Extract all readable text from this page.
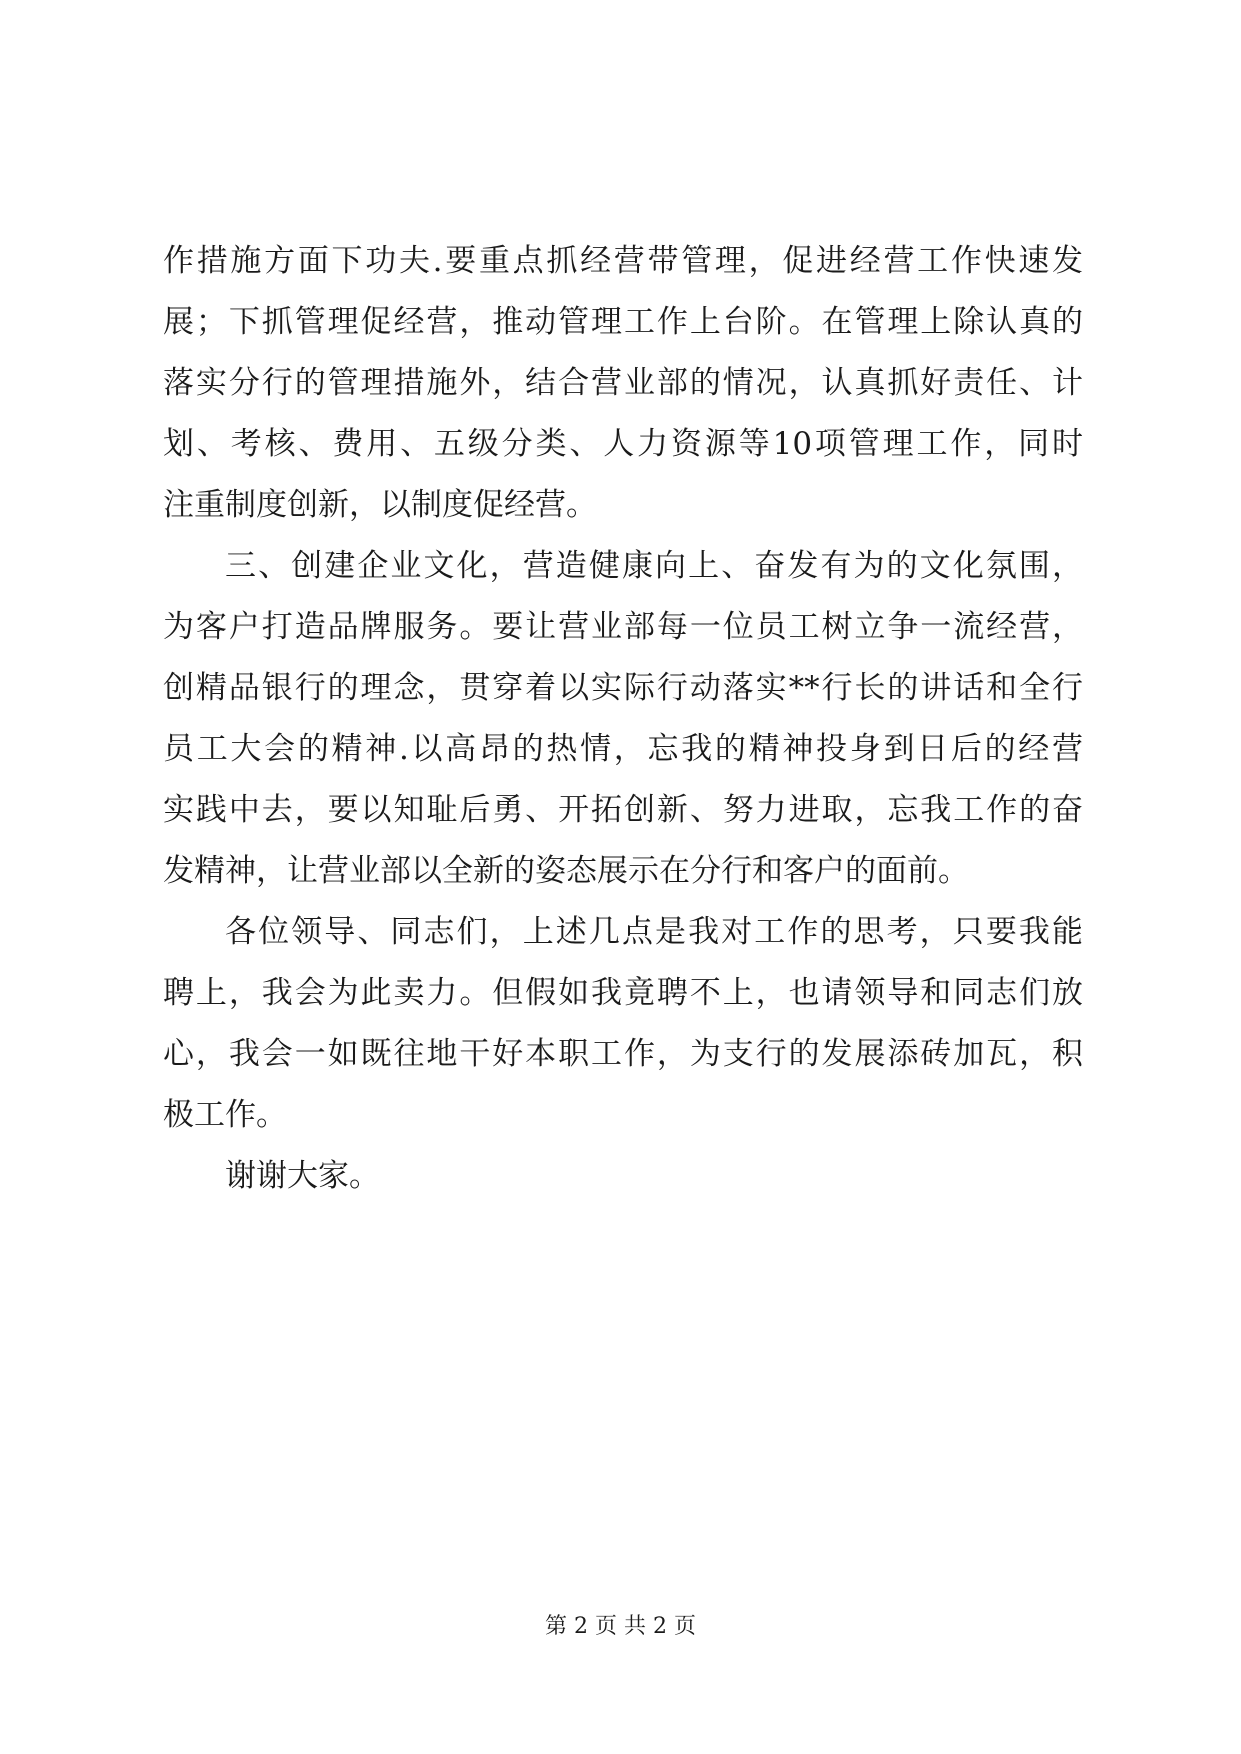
作措施方面下功夫.要重点抓经营带管理，促进经营工作快速发
展；下抓管理促经营，推动管理工作上台阶。在管理上除认真的
落实分行的管理措施外，结合营业部的情况，认真抓好责任、计
划、考核、费用、五级分类、人力资源等10项管理工作，同时
注重制度创新，以制度促经营。
三、创建企业文化，营造健康向上、奋发有为的文化氛围，
为客户打造品牌服务。要让营业部每一位员工树立争一流经营，
创精品银行的理念，贯穿着以实际行动落实**行长的讲话和全行
员工大会的精神.以高昂的热情，忘我的精神投身到日后的经营
实践中去，要以知耻后勇、开拓创新、努力进取，忘我工作的奋
发精神，让营业部以全新的姿态展示在分行和客户的面前。
各位领导、同志们，上述几点是我对工作的思考，只要我能
聘上，我会为此卖力。但假如我竟聘不上，也请领导和同志们放
心，我会一如既往地干好本职工作，为支行的发展添砖加瓦，积
极工作。
谢谢大家。
第 2 页 共 2 页
